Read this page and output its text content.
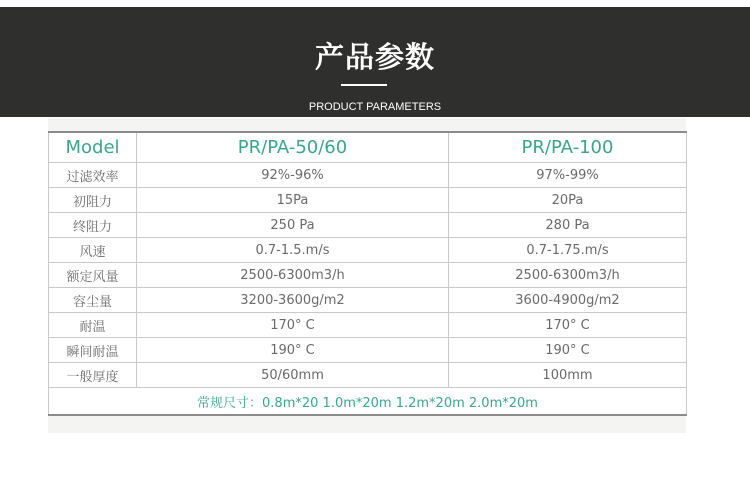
产品参数
PRODUCT PARAMETERS
Model	PR/PA-50/60	PR/PA-100
过滤效率	92%-96%	97%-99%
初阻力	15Pa	20Pa
终阻力	250 Pa	280 Pa
风速	0.7-1.5.m/s	0.7-1.75.m/s
额定风量	2500-6300m3/h	2500-6300m3/h
容尘量	3200-3600g/m2	3600-4900g/m2
耐温	170° C	170° C
瞬间耐温	190° C	190° C
一般厚度	50/60mm	100mm
常规尺寸：0.8m*20 1.0m*20m 1.2m*20m 2.0m*20m		
